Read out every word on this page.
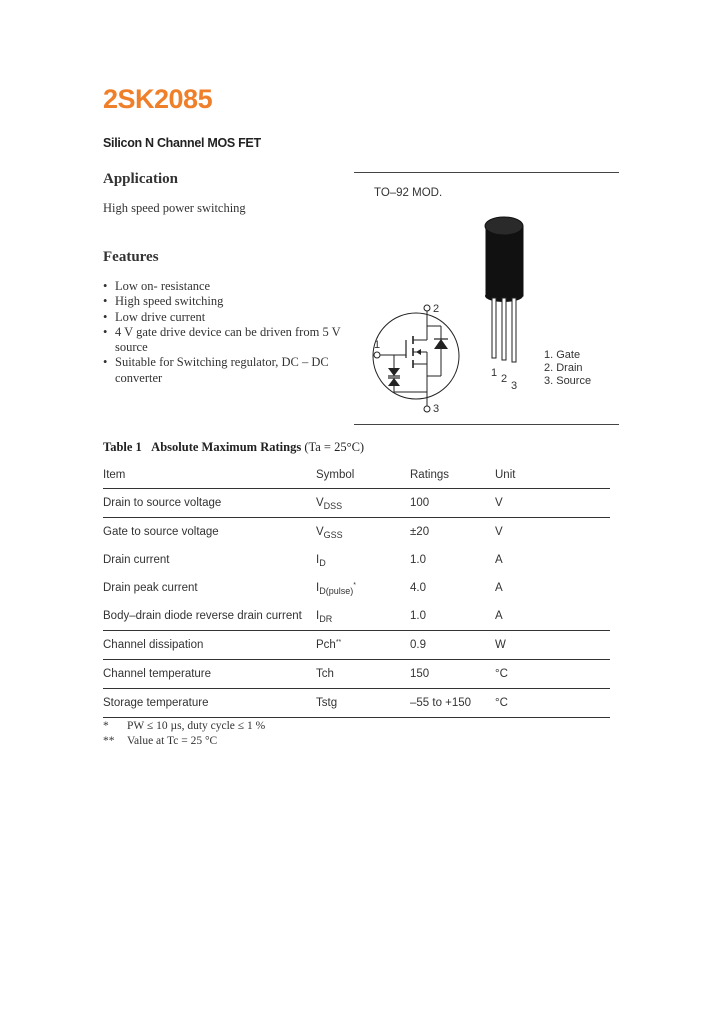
2SK2085
Silicon N Channel MOS FET
Application
High speed power switching
Features
• Low on- resistance
• High speed switching
• Low drive current
• 4 V gate drive device can be driven from 5 V source
• Suitable for Switching regulator, DC – DC converter
TO–92 MOD.
2
1
3
1 2
3
1. Gate
2. Drain
3. Source
Table 1 Absolute Maximum Ratings (Ta = 25°C)
Item	Symbol	Ratings	Unit
Drain to source voltage	$V_{DSS}$	100	V
Gate to source voltage	$V_{GSS}$	±20	V
Drain current	$I_D$	1.0	A
Drain peak current	$I_{D(pulse)}^*$	4.0	A
Body–drain diode reverse drain current	$I_{DR}$	1.0	A
Channel dissipation	Pch**	0.9	W
Channel temperature	Tch	150	°C
Storage temperature	Tstg	–55 to +150	°C
* PW ≤ 10 µs, duty cycle ≤ 1 %
** Value at Tc = 25 °C
